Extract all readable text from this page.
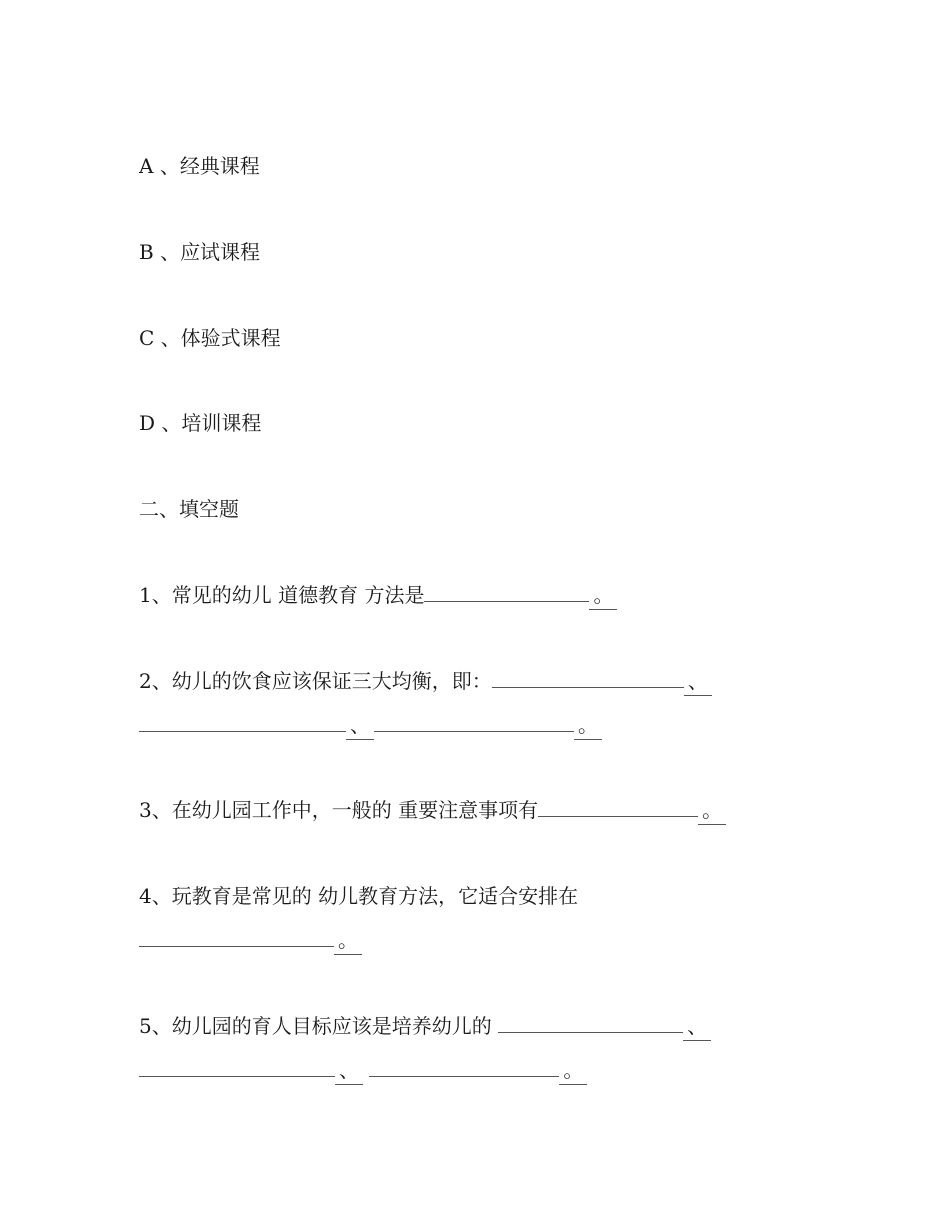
A 、经典课程
B 、应试课程
C 、体验式课程
D 、培训课程
二、填空题
1、常见的幼儿 道德教育 方法是	。
2、幼儿的饮食应该保证三大均衡，即：	、
、	。
3、在幼儿园工作中，一般的 重要注意事项有	。
4、玩教育是常见的 幼儿教育方法，它适合安排在
。
5、幼儿园的育人目标应该是培养幼儿的	、
、	。
